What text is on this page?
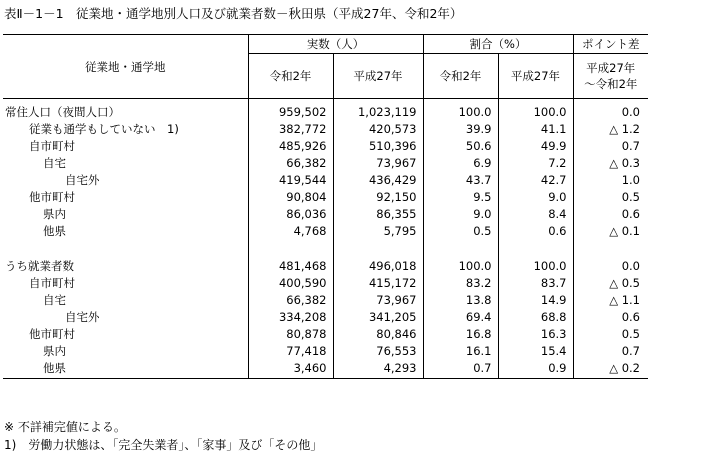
表Ⅱ－1－1　従業地・通学地別人口及び就業者数－秋田県（平成27年、令和2年）
従業地・通学地	実数（人）		割合（%）		ポイント差
	令和2年	平成27年	令和2年	平成27年	平成27年
～令和2年

常住人口（夜間人口）	959,502	1,023,119	100.0	100.0	0.0
従業も通学もしていない　1)	382,772	420,573	39.9	41.1	△ 1.2
自市町村	485,926	510,396	50.6	49.9	0.7
自宅	66,382	73,967	6.9	7.2	△ 0.3
自宅外	419,544	436,429	43.7	42.7	1.0
他市町村	90,804	92,150	9.5	9.0	0.5
県内	86,036	86,355	9.0	8.4	0.6
他県	4,768	5,795	0.5	0.6	△ 0.1

うち就業者数	481,468	496,018	100.0	100.0	0.0
自市町村	400,590	415,172	83.2	83.7	△ 0.5
自宅	66,382	73,967	13.8	14.9	△ 1.1
自宅外	334,208	341,205	69.4	68.8	0.6
他市町村	80,878	80,846	16.8	16.3	0.5
県内	77,418	76,553	16.1	15.4	0.7
他県	3,460	4,293	0.7	0.9	△ 0.2
※ 不詳補完値による。
1)　労働力状態は、「完全失業者」、「家事」及び「その他」
